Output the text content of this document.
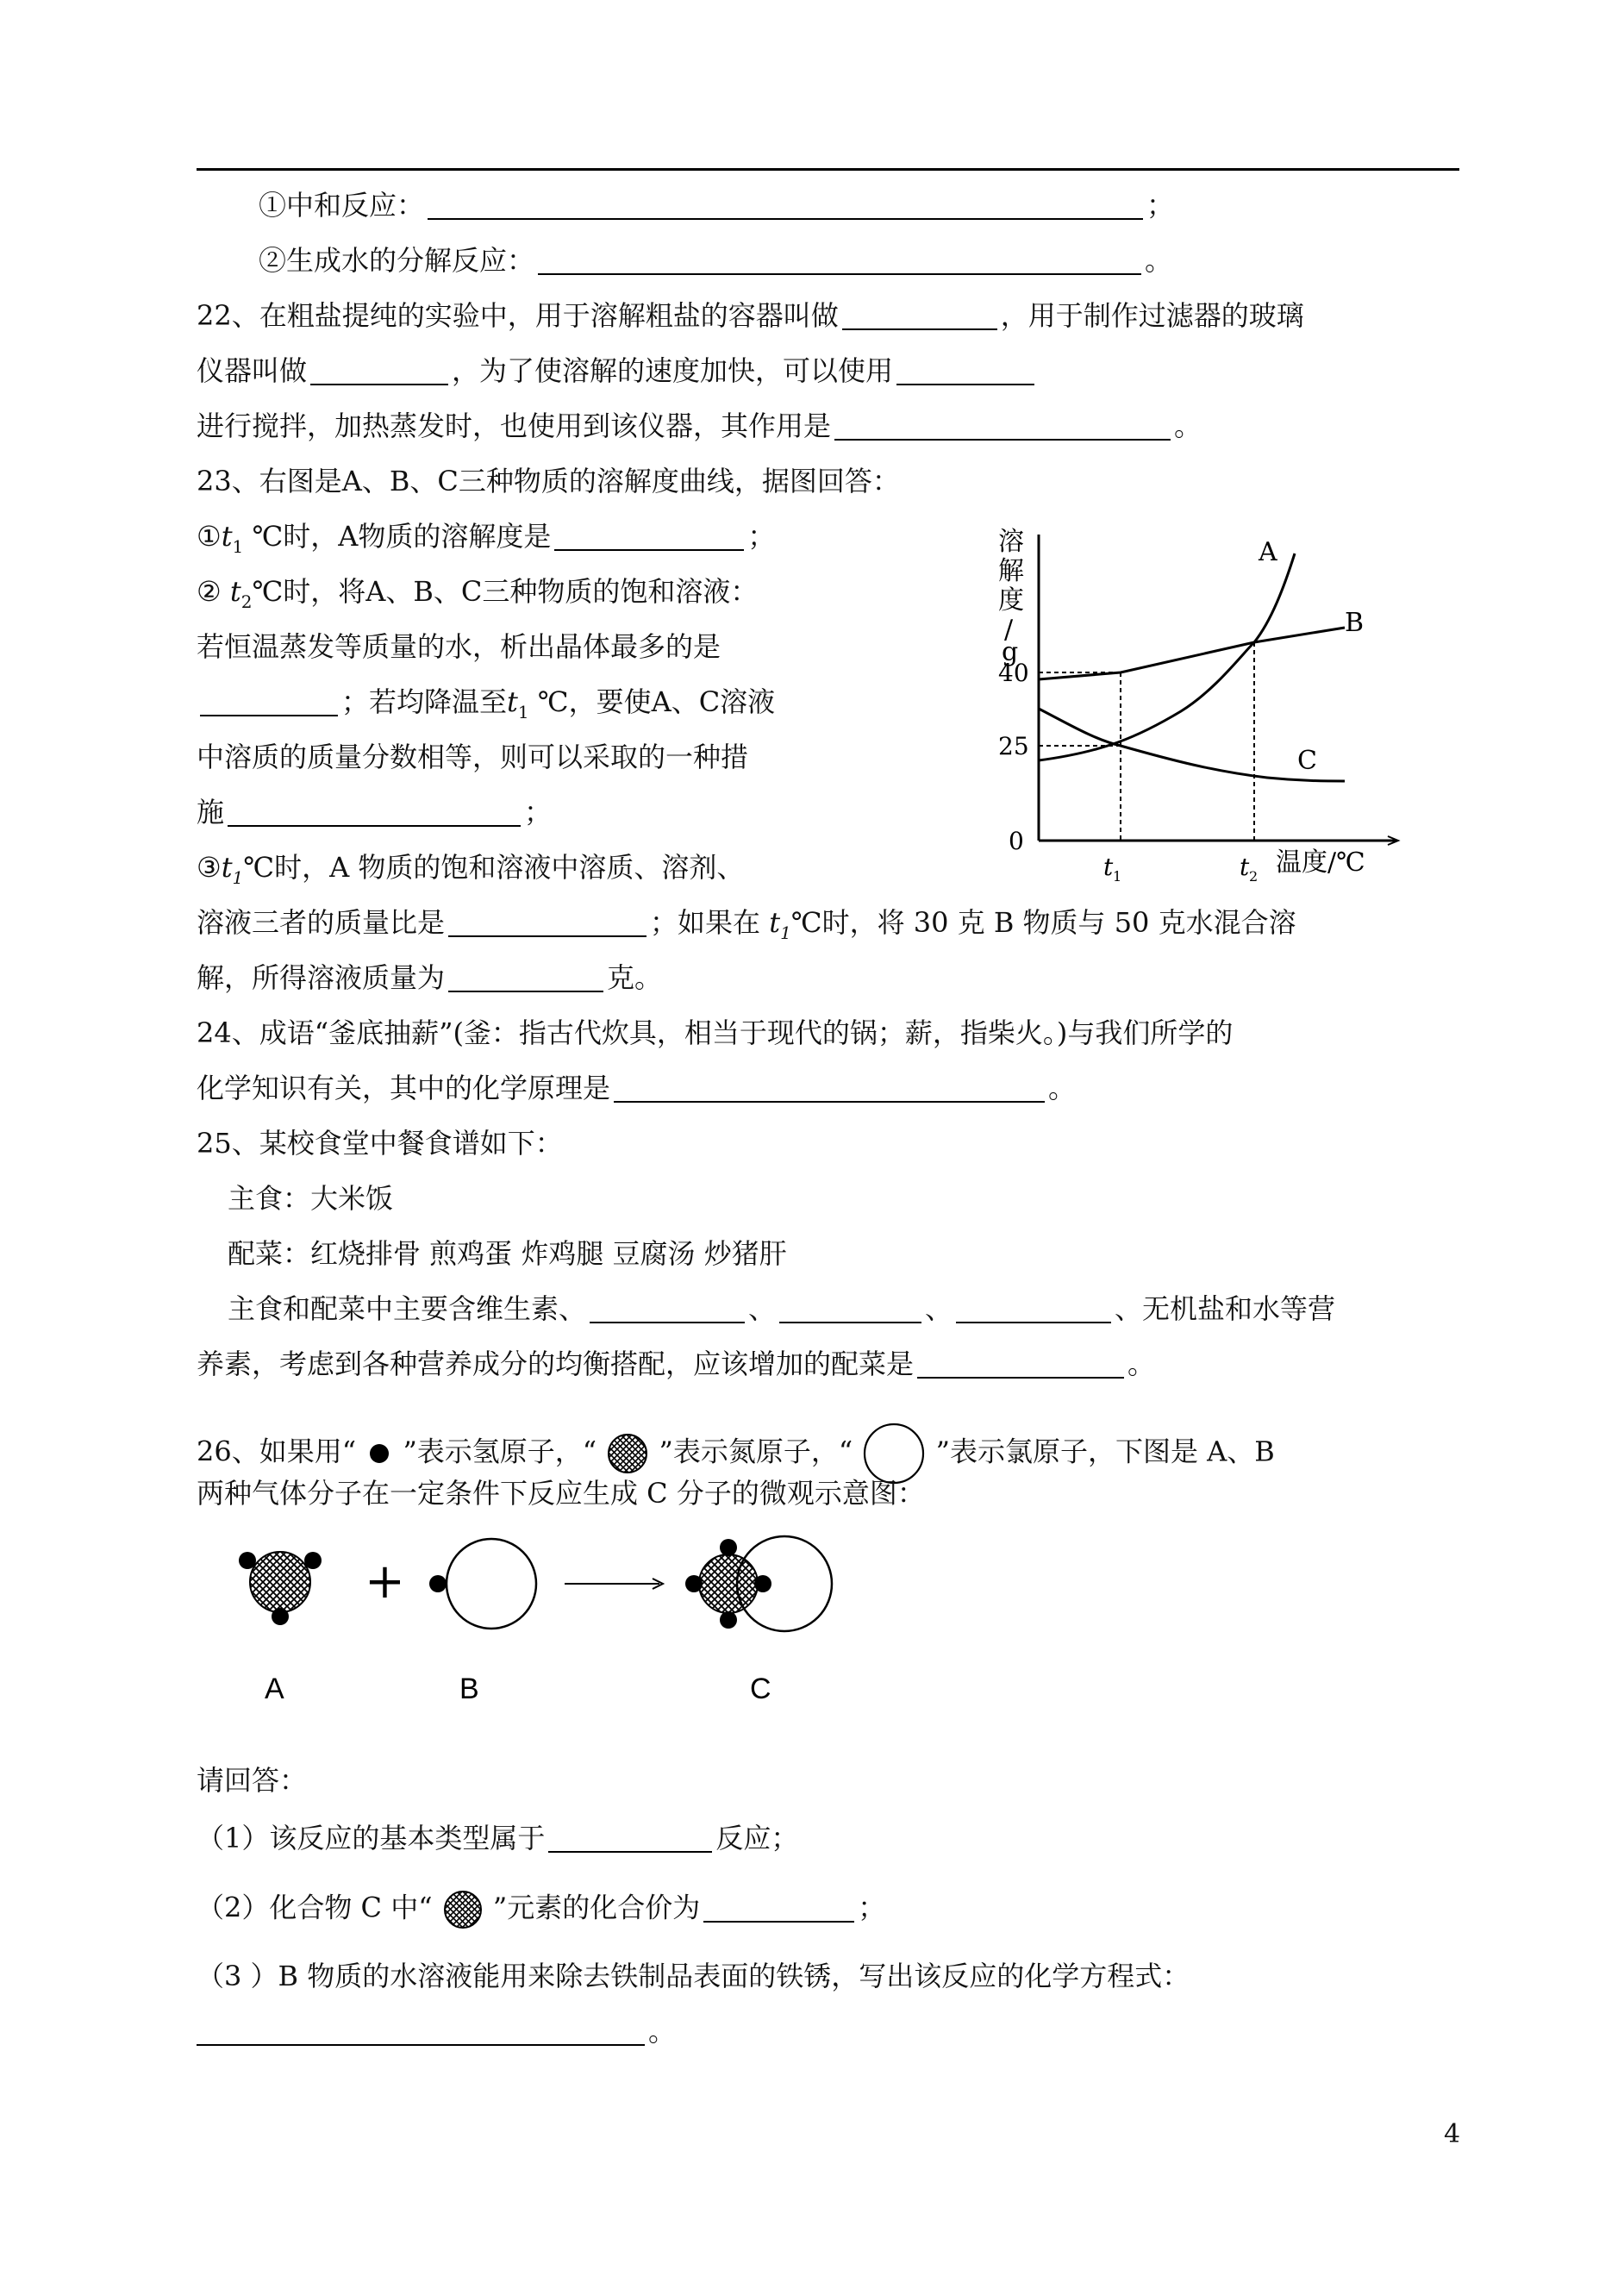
①中和反应：	；
②生成水的分解反应：	。
22、在粗盐提纯的实验中，用于溶解粗盐的容器叫做	，用于制作过滤器的玻璃
仪器叫做	，为了使溶解的速度加快，可以使用
进行搅拌，加热蒸发时，也使用到该仪器，其作用是	。
23、右图是A、B、C三种物质的溶解度曲线，据图回答：
$①t_1$ ℃时，A物质的溶解度是	；
② $t_2℃$时，将A、B、C三种物质的饱和溶液：
若恒温蒸发等质量的水，析出晶体最多的是
；若均降温至$t_1$ ℃，要使A、C溶液
中溶质的质量分数相等，则可以采取的一种措
施	；
$③t_1℃$时，A 物质的饱和溶液中溶质、溶剂、
溶液三者的质量比是	；如果在 $t_1℃$时，将 30 克 B 物质与 50 克水混合溶
解，所得溶液质量为	克。
溶
解
度
/
g
0
40
25
t 1	t 2 温度/℃
A
B
C
24、成语“釜底抽薪”(釜：指古代炊具，相当于现代的锅；薪，指柴火。)与我们所学的
化学知识有关，其中的化学原理是	。
25、某校食堂中餐食谱如下：
主食：大米饭
配菜：红烧排骨 煎鸡蛋 炸鸡腿 豆腐汤 炒猪肝
主食和配菜中主要含维生素、	、	、	、无机盐和水等营
养素，考虑到各种营养成分的均衡搭配，应该增加的配菜是	。
26、如果用“ ”表示氢原子，“ ”表示氮原子，“	”表示氯原子，下图是 A、B
两种气体分子在一定条件下反应生成 C 分子的微观示意图：
+
A	B	C
请回答：
（1）该反应的基本类型属于	反应；
（2）化合物 C 中“ ”元素的化合价为	；
（3 ）B 物质的水溶液能用来除去铁制品表面的铁锈，写出该反应的化学方程式：
。
4
